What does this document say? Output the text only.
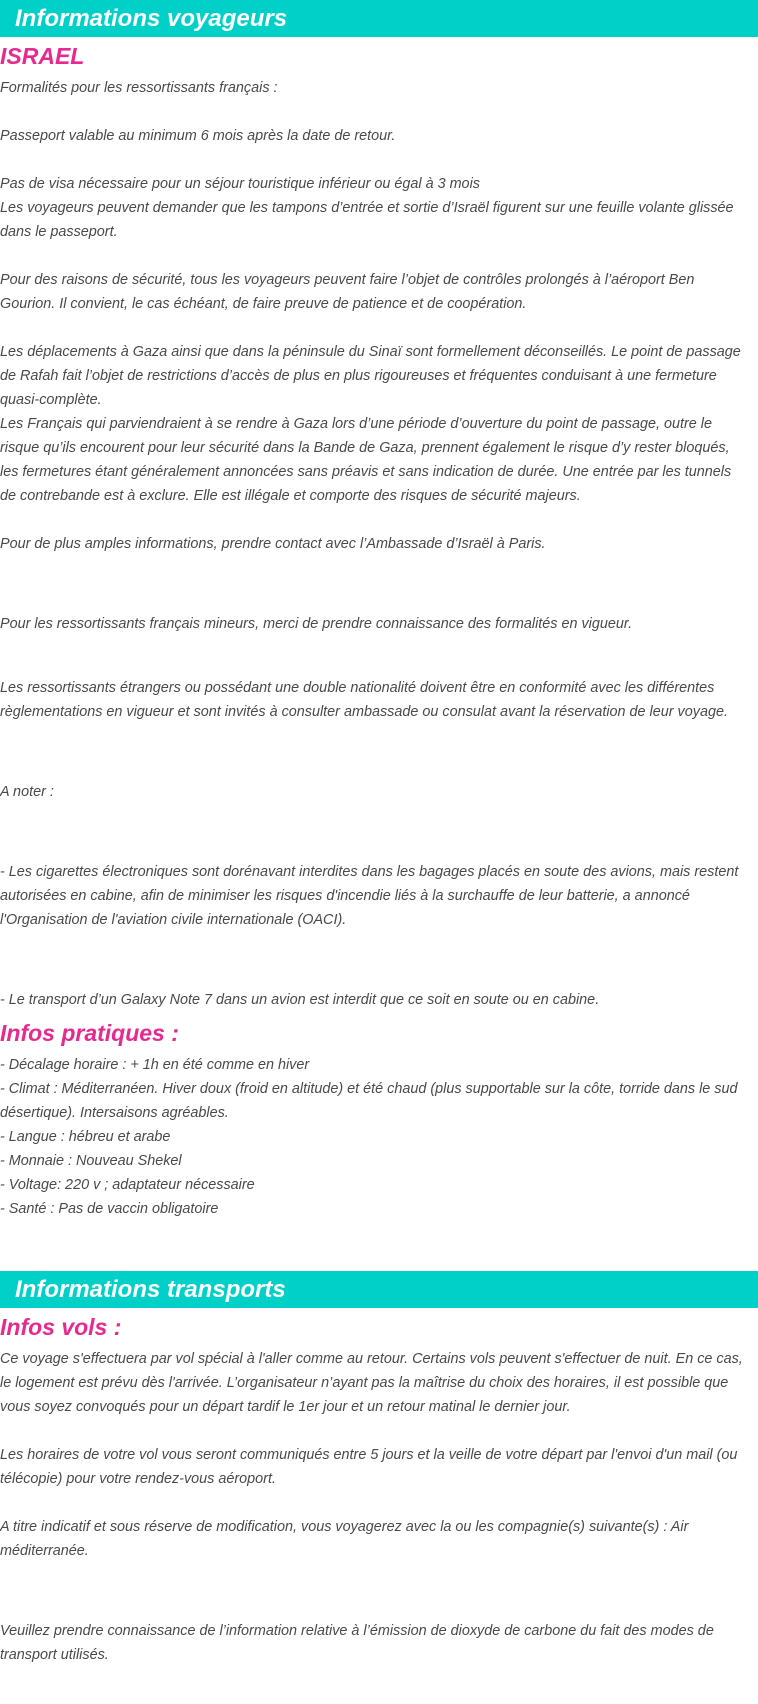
Informations voyageurs
ISRAEL

Formalités pour les ressortissants français :

Passeport valable au minimum 6 mois après la date de retour.

Pas de visa nécessaire pour un séjour touristique inférieur ou égal à 3 mois

Les voyageurs peuvent demander que les tampons d’entrée et sortie d’Israël figurent sur une feuille volante glissée dans le passeport.

Pour des raisons de sécurité, tous les voyageurs peuvent faire l’objet de contrôles prolongés à l’aéroport Ben Gourion. Il convient, le cas échéant, de faire preuve de patience et de coopération.

Les déplacements à Gaza ainsi que dans la péninsule du Sinaï sont formellement déconseillés. Le point de passage de Rafah fait l’objet de restrictions d’accès de plus en plus rigoureuses et fréquentes conduisant à une fermeture quasi-complète.

Les Français qui parviendraient à se rendre à Gaza lors d’une période d’ouverture du point de passage, outre le risque qu’ils encourent pour leur sécurité dans la Bande de Gaza, prennent également le risque d’y rester bloqués, les fermetures étant généralement annoncées sans préavis et sans indication de durée. Une entrée par les tunnels de contrebande est à exclure. Elle est illégale et comporte des risques de sécurité majeurs.

Pour de plus amples informations, prendre contact avec l’Ambassade d’Israël à Paris.

Pour les ressortissants français mineurs, merci de prendre connaissance des formalités en vigueur.

Les ressortissants étrangers ou possédant une double nationalité doivent être en conformité avec les différentes règlementations en vigueur et sont invités à consulter ambassade ou consulat avant la réservation de leur voyage.

A noter :

- Les cigarettes électroniques sont dorénavant interdites dans les bagages placés en soute des avions, mais restent autorisées en cabine, afin de minimiser les risques d'incendie liés à la surchauffe de leur batterie, a annoncé l'Organisation de l'aviation civile internationale (OACI).

- Le transport d’un Galaxy Note 7 dans un avion est interdit que ce soit en soute ou en cabine.

Infos pratiques :

- Décalage horaire : + 1h en été comme en hiver

- Climat : Méditerranéen. Hiver doux (froid en altitude) et été chaud (plus supportable sur la côte, torride dans le sud désertique). Intersaisons agréables.

- Langue : hébreu et arabe

- Monnaie : Nouveau Shekel

- Voltage: 220 v ; adaptateur nécessaire

- Santé : Pas de vaccin obligatoire

Informations transports
Infos vols :

Ce voyage s'effectuera par vol spécial à l'aller comme au retour. Certains vols peuvent s'effectuer de nuit. En ce cas, le logement est prévu dès l'arrivée. L’organisateur n’ayant pas la maîtrise du choix des horaires, il est possible que vous soyez convoqués pour un départ tardif le 1er jour et un retour matinal le dernier jour.

Les horaires de votre vol vous seront communiqués entre 5 jours et la veille de votre départ par l'envoi d'un mail (ou télécopie) pour votre rendez-vous aéroport.

A titre indicatif et sous réserve de modification, vous voyagerez avec la ou les compagnie(s) suivante(s) : Air méditerranée.

Veuillez prendre connaissance de l’information relative à l’émission de dioxyde de carbone du fait des modes de transport utilisés.
